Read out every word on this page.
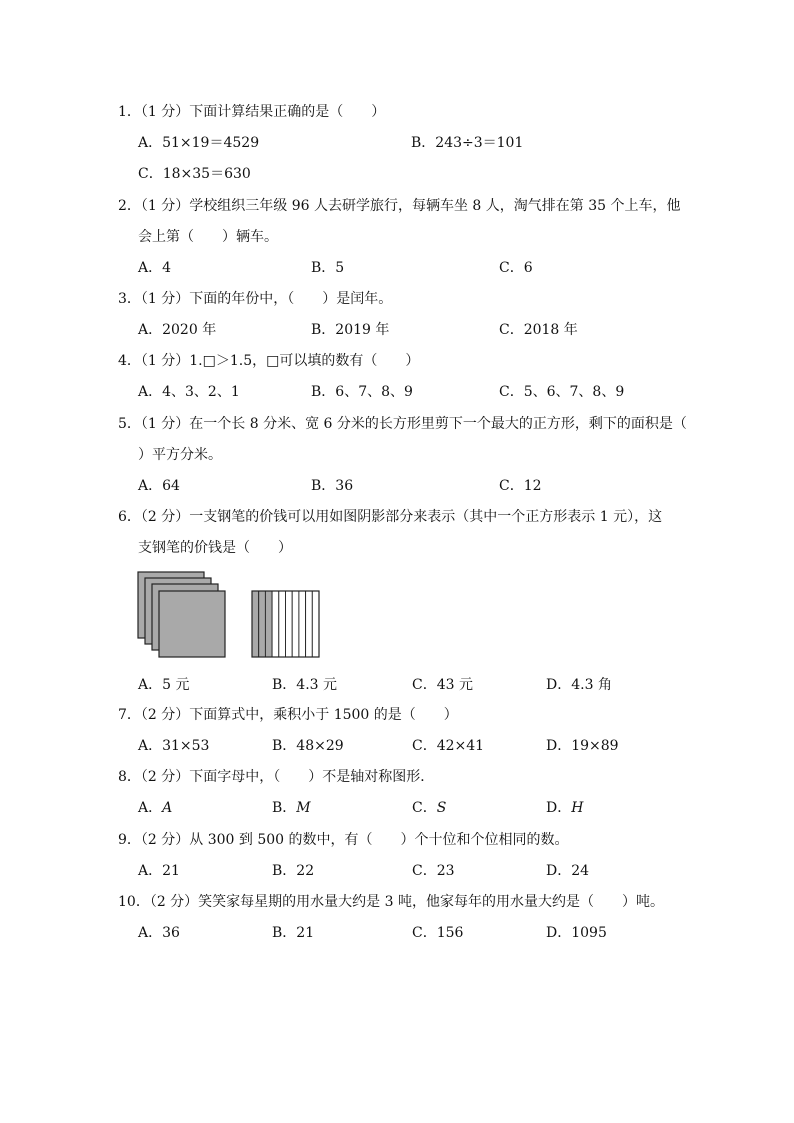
1．（1 分）下面计算结果正确的是（　　）
A．51×19＝4529	B．243÷3＝101
C．18×35＝630
2．（1 分）学校组织三年级 96 人去研学旅行，每辆车坐 8 人，淘气排在第 35 个上车，他
会上第（　　）辆车。
A．4	B．5	C．6
3．（1 分）下面的年份中，（　　）是闰年。
A．2020 年	B．2019 年	C．2018 年
4．（1 分）1.□＞1.5，□可以填的数有（　　）
A．4、3、2、1	B．6、7、8、9	C．5、6、7、8、9
5．（1 分）在一个长 8 分米、宽 6 分米的长方形里剪下一个最大的正方形，剩下的面积是（
）平方分米。
A．64	B．36	C．12
6．（2 分）一支钢笔的价钱可以用如图阴影部分来表示（其中一个正方形表示 1 元），这
支钢笔的价钱是（　　）
A．5 元	B．4.3 元	C．43 元	D．4.3 角
7．（2 分）下面算式中，乘积小于 1500 的是（　　）
A．31×53	B．48×29	C．42×41	D．19×89
8．（2 分）下面字母中，（　　）不是轴对称图形．
A．A	B．M	C．S	D．H
9．（2 分）从 300 到 500 的数中，有（　　）个十位和个位相同的数。
A．21	B．22	C．23	D．24
10．（2 分）笑笑家每星期的用水量大约是 3 吨，他家每年的用水量大约是（　　）吨。
A．36	B．21	C．156	D．1095
